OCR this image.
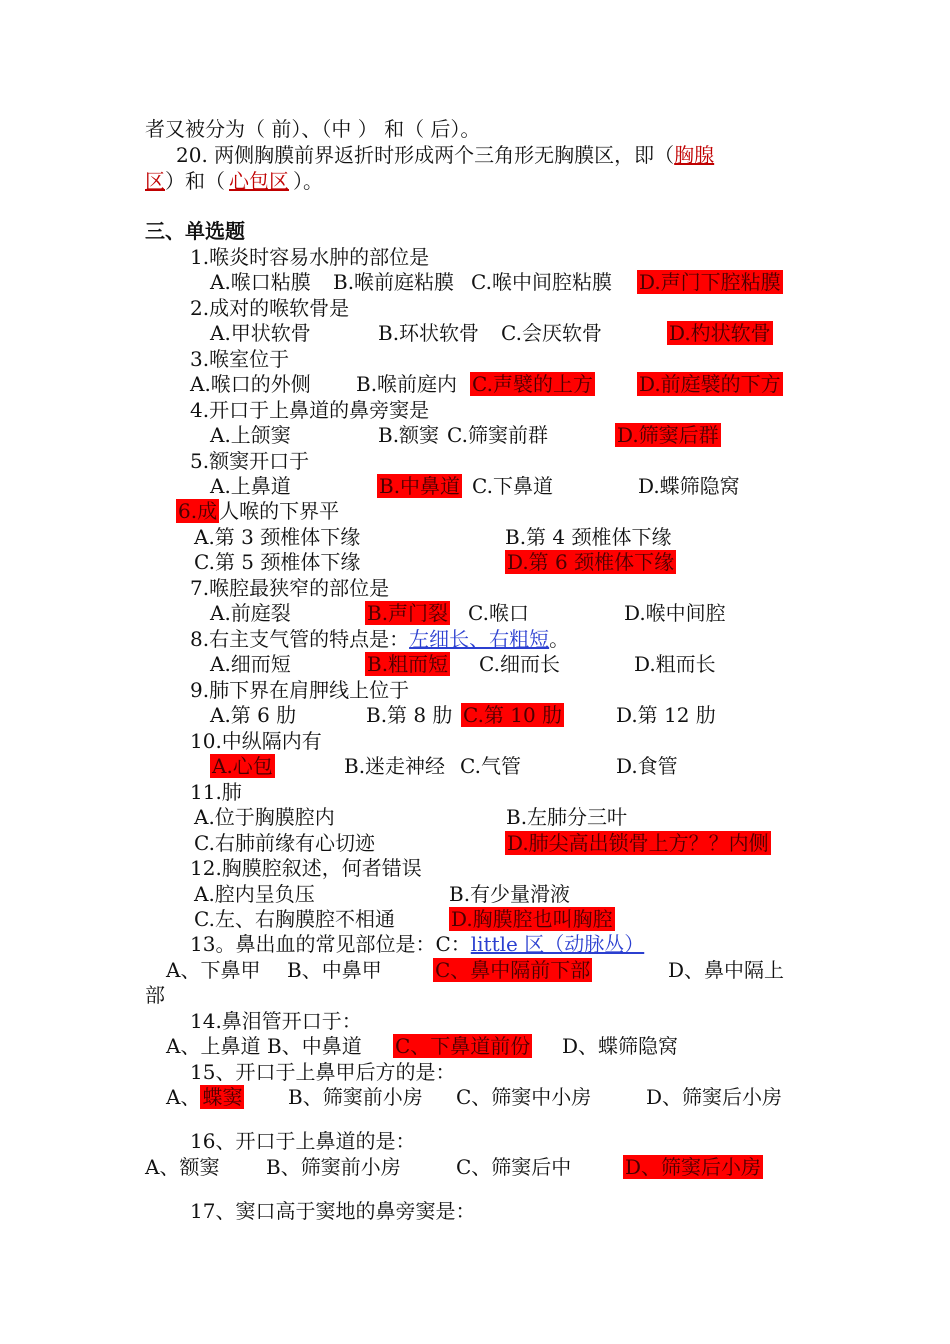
者又被分为（ 前）、（中 ） 和（ 后）。
20. 两侧胸膜前界返折时形成两个三角形无胸膜区，即（胸腺
区）和（ 心包区 ）。
三、单选题
1.喉炎时容易水肿的部位是
A.喉口粘膜 B.喉前庭粘膜 C.喉中间腔粘膜 D.声门下腔粘膜
2.成对的喉软骨是
A.甲状软骨	B.环状软骨 C.会厌软骨	D.杓状软骨
3.喉室位于
A.喉口的外侧 B.喉前庭内 C.声襞的上方 D.前庭襞的下方
4.开口于上鼻道的鼻旁窦是
A.上颌窦	B.额窦 C.筛窦前群	D.筛窦后群
5.额窦开口于
A.上鼻道	B.中鼻道 C.下鼻道	D.蝶筛隐窝
6.成 人喉的下界平
A.第 3 颈椎体下缘	B.第 4 颈椎体下缘
C.第 5 颈椎体下缘	D.第 6 颈椎体下缘
7.喉腔最狭窄的部位是
A.前庭裂	B.声门裂 C.喉口	D.喉中间腔
8.右主支气管的特点是：左细长、右粗短。
A.细而短	B.粗而短 C.细而长	D.粗而长
9.肺下界在肩胛线上位于
A.第 6 肋	B.第 8 肋 C.第 10 肋	D.第 12 肋
10.中纵隔内有
A.心包	B.迷走神经 C.气管	D.食管
11.肺
A.位于胸膜腔内	B.左肺分三叶
C.右肺前缘有心切迹	D.肺尖高出锁骨上方？？内侧
12.胸膜腔叙述，何者错误
A.腔内呈负压	B.有少量滑液
C.左、右胸膜腔不相通	D.胸膜腔也叫胸腔
13。鼻出血的常见部位是：C：little 区（动脉丛）
A、下鼻甲 B、中鼻甲	C、鼻中隔前下部	D、鼻中隔上
部
14.鼻泪管开口于：
A、上鼻道 B、中鼻道 C、下鼻道前份 D、蝶筛隐窝
15、开口于上鼻甲后方的是：
A、 蝶窦 B、筛窦前小房 C、筛窦中小房	D、筛窦后小房
16、开口于上鼻道的是：
A、额窦 B、筛窦前小房	C、筛窦后中	D、筛窦后小房
17、窦口高于窦地的鼻旁窦是：
